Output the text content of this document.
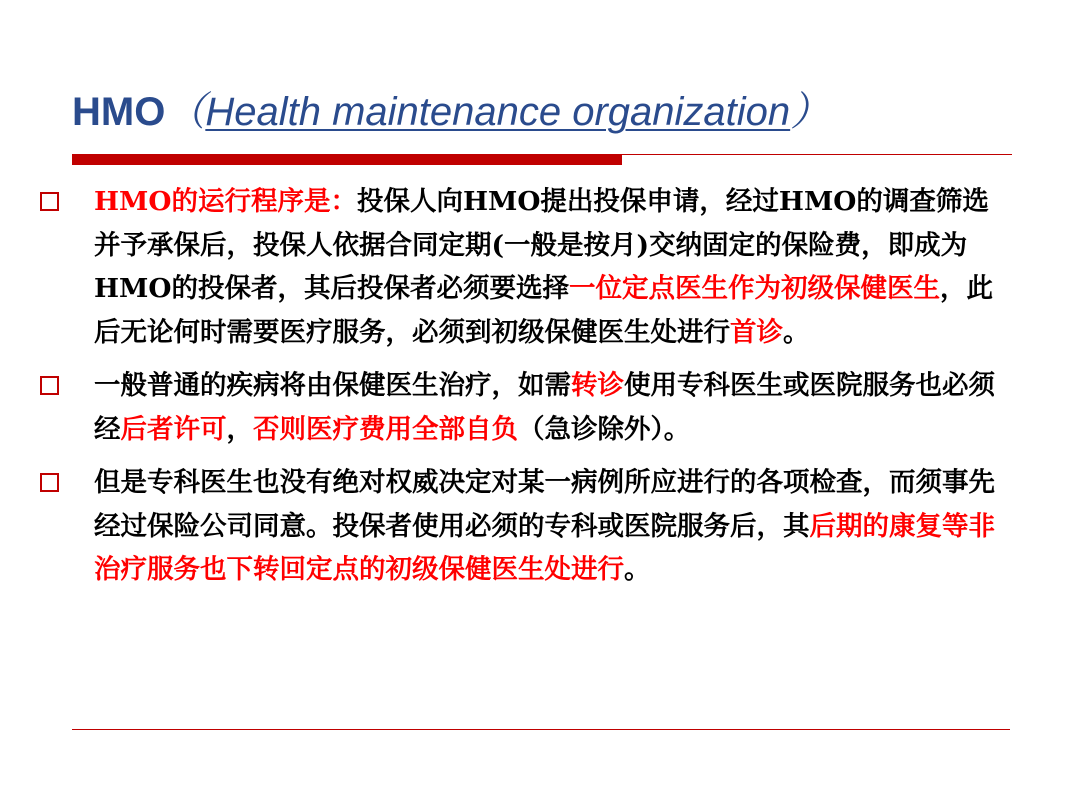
HMO（Health maintenance organization）
HMO的运行程序是：投保人向HMO提出投保申请，经过HMO的调查筛选并予承保后，投保人依据合同定期(一般是按月)交纳固定的保险费，即成为HMO的投保者，其后投保者必须要选择一位定点医生作为初级保健医生，此后无论何时需要医疗服务，必须到初级保健医生处进行首诊。
一般普通的疾病将由保健医生治疗，如需转诊使用专科医生或医院服务也必须经后者许可，否则医疗费用全部自负（急诊除外）。
但是专科医生也没有绝对权威决定对某一病例所应进行的各项检查，而须事先经过保险公司同意。投保者使用必须的专科或医院服务后，其后期的康复等非治疗服务也下转回定点的初级保健医生处进行。
